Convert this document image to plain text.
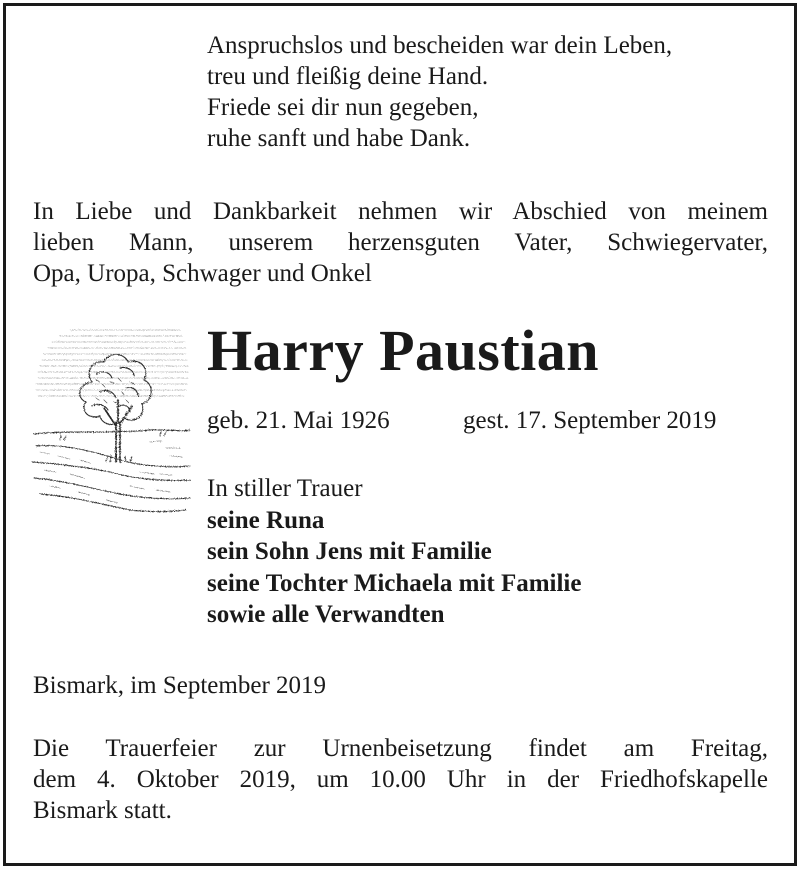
Anspruchslos und bescheiden war dein Leben,
treu und fleißig deine Hand.
Friede sei dir nun gegeben,
ruhe sanft und habe Dank.
In Liebe und Dankbarkeit nehmen wir Abschied von meinem
lieben Mann, unserem herzensguten Vater, Schwiegervater,
Opa, Uropa, Schwager und Onkel
Harry Paustian
geb. 21. Mai 1926	gest. 17. September 2019
In stiller Trauer
seine Runa
sein Sohn Jens mit Familie
seine Tochter Michaela mit Familie
sowie alle Verwandten
Bismark, im September 2019
Die Trauerfeier zur Urnenbeisetzung findet am Freitag,
dem 4. Oktober 2019, um 10.00 Uhr in der Friedhofskapelle
Bismark statt.
